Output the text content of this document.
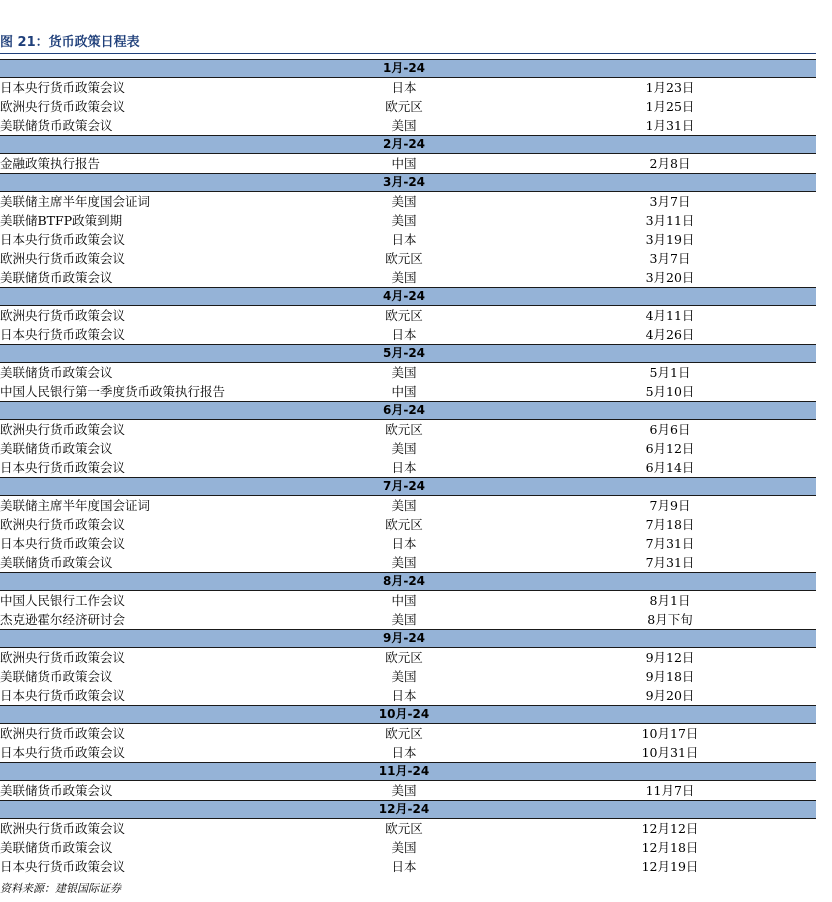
图 21：货币政策日程表
1月-24
日本央行货币政策会议	日本	1月23日
欧洲央行货币政策会议	欧元区	1月25日
美联储货币政策会议	美国	1月31日
2月-24
金融政策执行报告	中国	2月8日
3月-24
美联储主席半年度国会证词	美国	3月7日
美联储BTFP政策到期	美国	3月11日
日本央行货币政策会议	日本	3月19日
欧洲央行货币政策会议	欧元区	3月7日
美联储货币政策会议	美国	3月20日
4月-24
欧洲央行货币政策会议	欧元区	4月11日
日本央行货币政策会议	日本	4月26日
5月-24
美联储货币政策会议	美国	5月1日
中国人民银行第一季度货币政策执行报告	中国	5月10日
6月-24
欧洲央行货币政策会议	欧元区	6月6日
美联储货币政策会议	美国	6月12日
日本央行货币政策会议	日本	6月14日
7月-24
美联储主席半年度国会证词	美国	7月9日
欧洲央行货币政策会议	欧元区	7月18日
日本央行货币政策会议	日本	7月31日
美联储货币政策会议	美国	7月31日
8月-24
中国人民银行工作会议	中国	8月1日
杰克逊霍尔经济研讨会	美国	8月下旬
9月-24
欧洲央行货币政策会议	欧元区	9月12日
美联储货币政策会议	美国	9月18日
日本央行货币政策会议	日本	9月20日
10月-24
欧洲央行货币政策会议	欧元区	10月17日
日本央行货币政策会议	日本	10月31日
11月-24
美联储货币政策会议	美国	11月7日
12月-24
欧洲央行货币政策会议	欧元区	12月12日
美联储货币政策会议	美国	12月18日
日本央行货币政策会议	日本	12月19日
资料来源：建银国际证券
